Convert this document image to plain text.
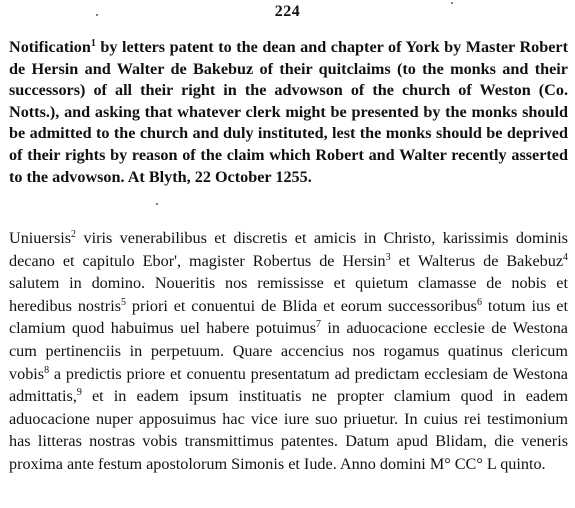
224

Notification$^1$ by letters patent to the dean and chapter of York by Master Robert de Hersin and Walter de Bakebuz of their quitclaims (to the monks and their successors) of all their right in the advowson of the church of Weston (Co. Notts.), and asking that whatever clerk might be presented by the monks should be admitted to the church and duly instituted, lest the monks should be deprived of their rights by reason of the claim which Robert and Walter recently asserted to the advowson. At Blyth, 22 October 1255.

Uniuersis$^2$ viris venerabilibus et discretis et amicis in Christo, karissimis dominis decano et capitulo Ebor', magister Robertus de Hersin$^3$ et Walterus de Bakebuz$^4$ salutem in domino. Noueritis nos remississe et quietum clamasse de nobis et heredibus nostris$^5$ priori et conuentui de Blida et eorum successoribus$^6$ totum ius et clamium quod habuimus uel habere potuimus$^7$ in aduocacione ecclesie de Westona cum pertinenciis in perpetuum. Quare accencius nos rogamus quatinus clericum vobis$^8$ a predictis priore et conuentu presentatum ad predictam ecclesiam de Westona admittatis,$^9$ et in eadem ipsum instituatis ne propter clamium quod in eadem aduocacione nuper apposuimus hac vice iure suo priuetur. In cuius rei testimonium has litteras nostras vobis transmittimus patentes. Datum apud Blidam, die veneris proxima ante festum apostolorum Simonis et Iude. Anno domini M° CC° L quinto.
